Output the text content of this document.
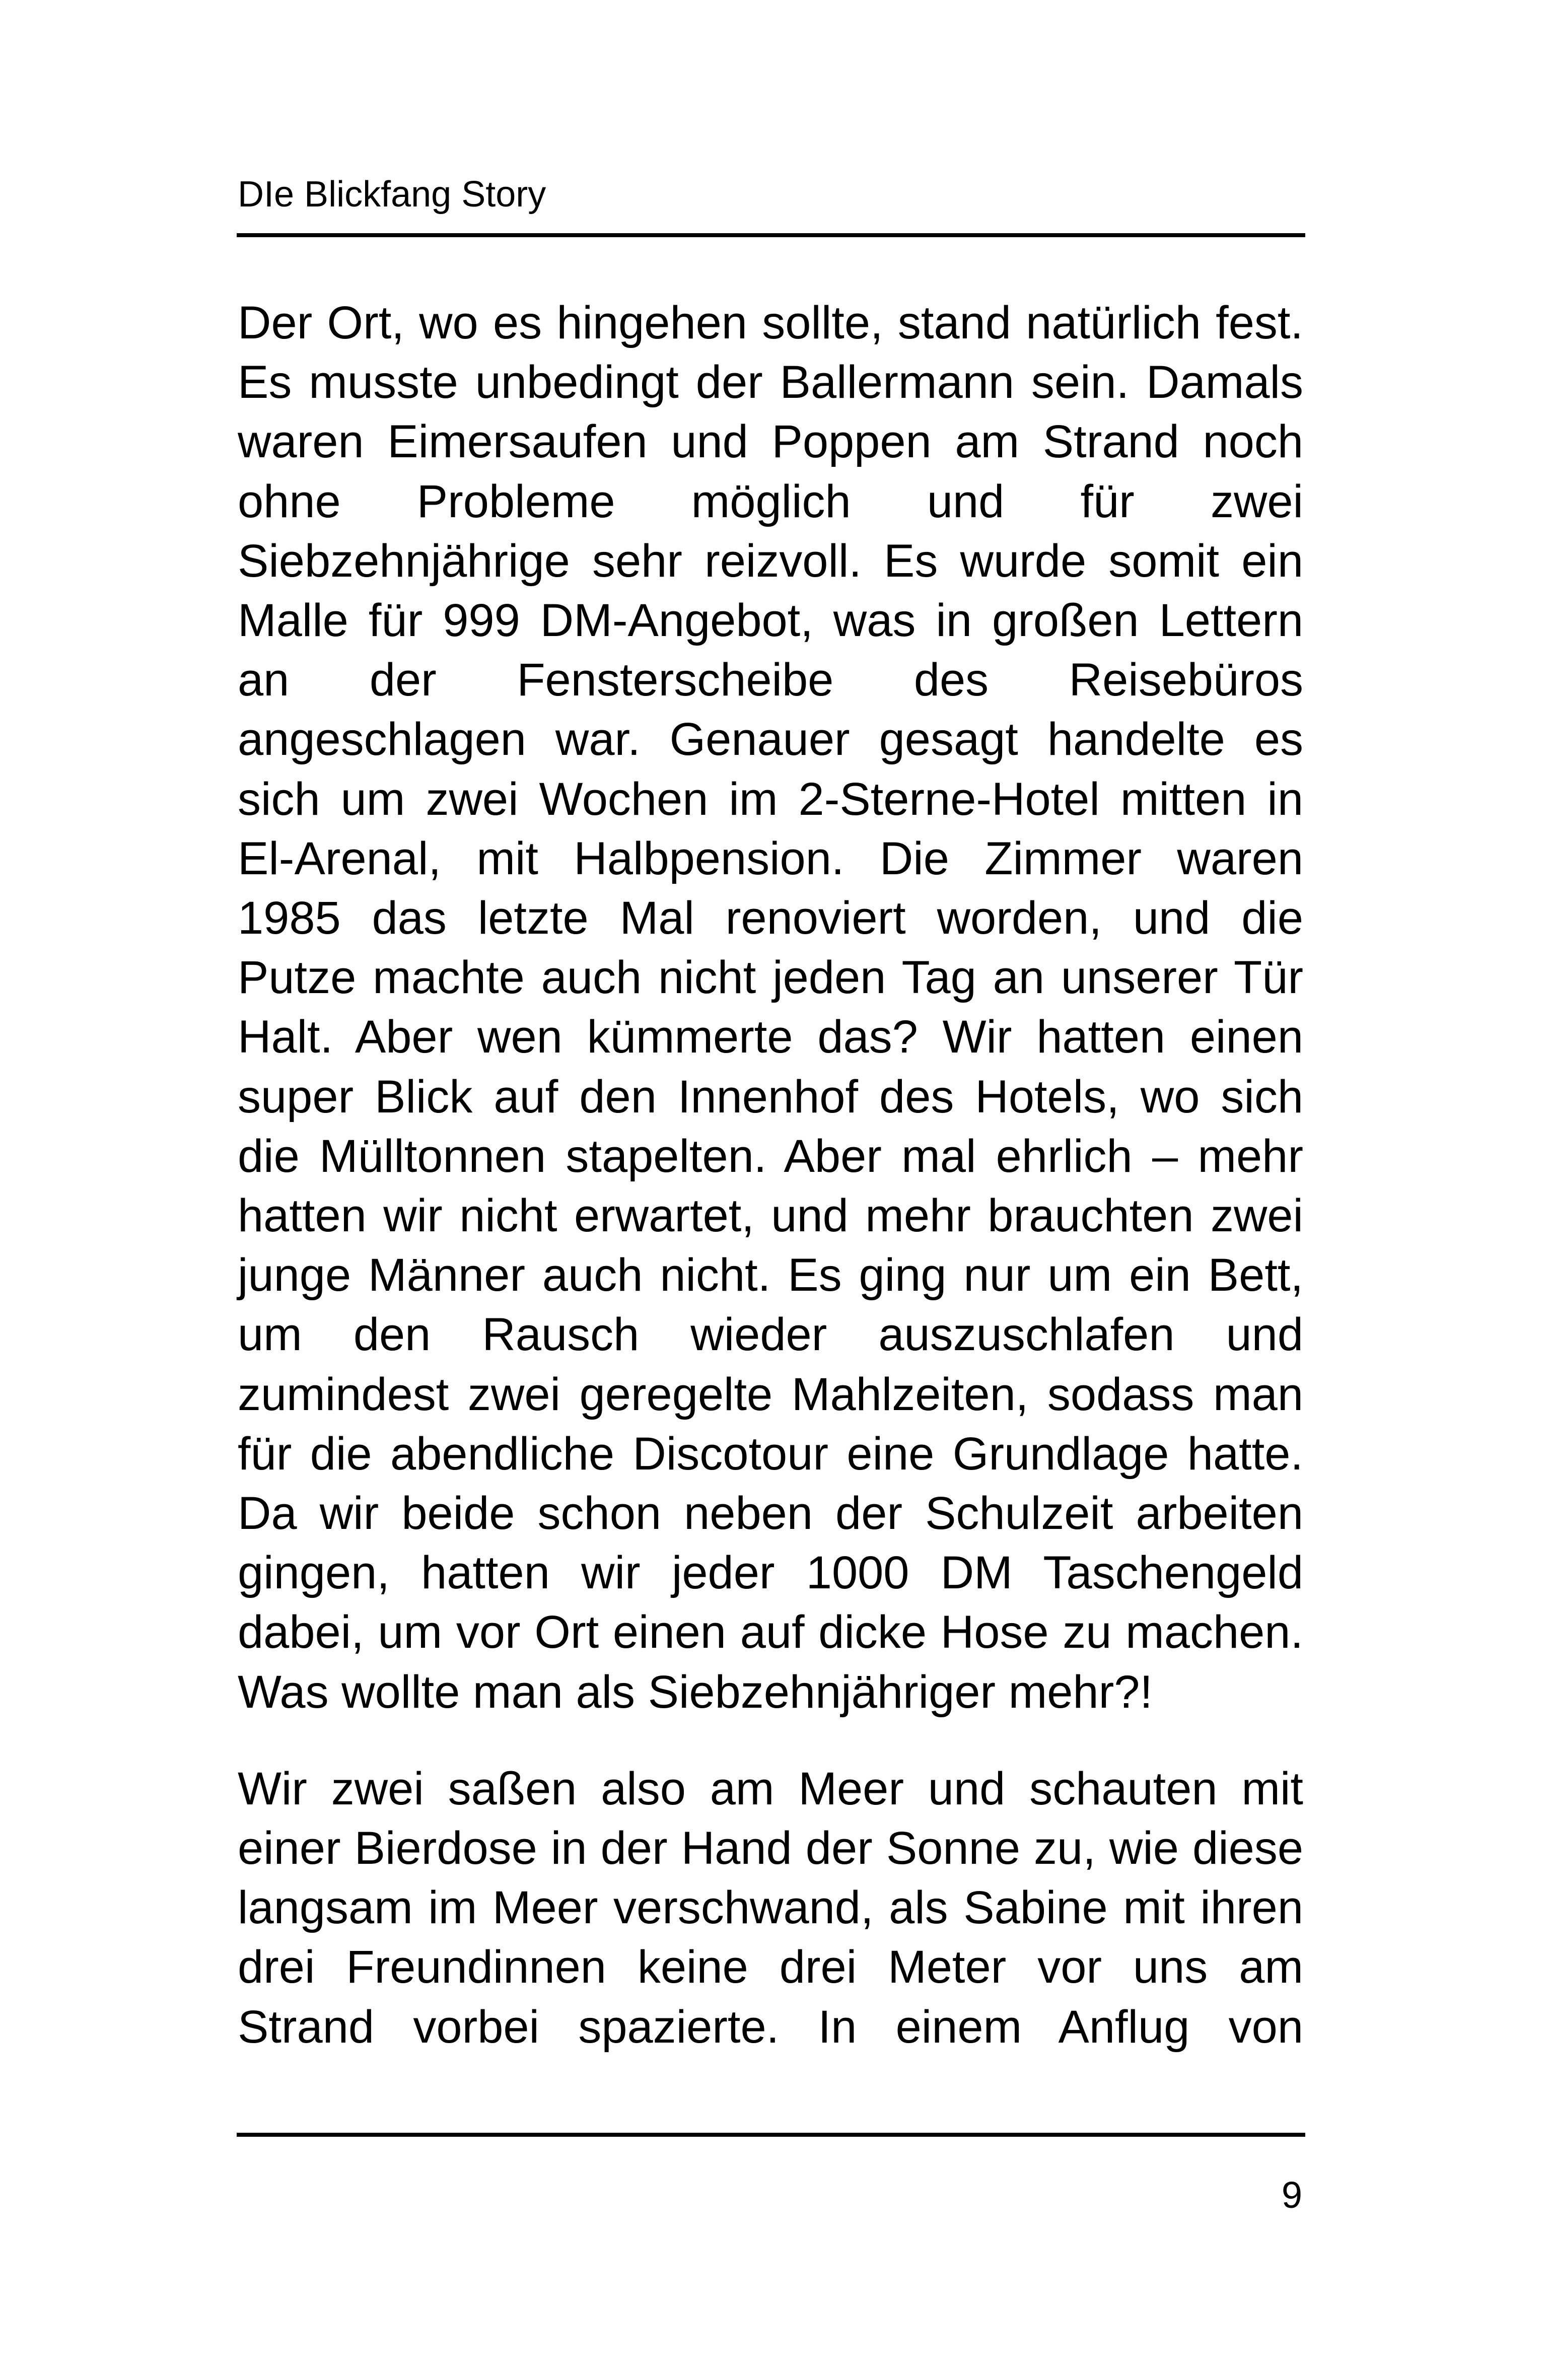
DIe Blickfang Story

Der Ort, wo es hingehen sollte, stand natürlich fest. Es musste unbedingt der Ballermann sein. Damals waren Eimersaufen und Poppen am Strand noch ohne Probleme möglich und für zwei Siebzehnjährige sehr reizvoll. Es wurde somit ein Malle für 999 DM-Angebot, was in großen Lettern an der Fensterscheibe des Reisebüros angeschlagen war. Genauer gesagt handelte es sich um zwei Wochen im 2-Sterne-Hotel mitten in El-Arenal, mit Halbpension. Die Zimmer waren 1985 das letzte Mal renoviert worden, und die Putze machte auch nicht jeden Tag an unserer Tür Halt. Aber wen kümmerte das? Wir hatten einen super Blick auf den Innenhof des Hotels, wo sich die Mülltonnen stapelten. Aber mal ehrlich – mehr hatten wir nicht erwartet, und mehr brauchten zwei junge Männer auch nicht. Es ging nur um ein Bett, um den Rausch wieder auszuschlafen und zumindest zwei geregelte Mahlzeiten, sodass man für die abendliche Discotour eine Grundlage hatte. Da wir beide schon neben der Schulzeit arbeiten gingen, hatten wir jeder 1000 DM Taschengeld dabei, um vor Ort einen auf dicke Hose zu machen. Was wollte man als Siebzehnjähriger mehr?!

Wir zwei saßen also am Meer und schauten mit einer Bierdose in der Hand der Sonne zu, wie diese langsam im Meer verschwand, als Sabine mit ihren drei Freundinnen keine drei Meter vor uns am Strand vorbei spazierte. In einem Anflug von

9
